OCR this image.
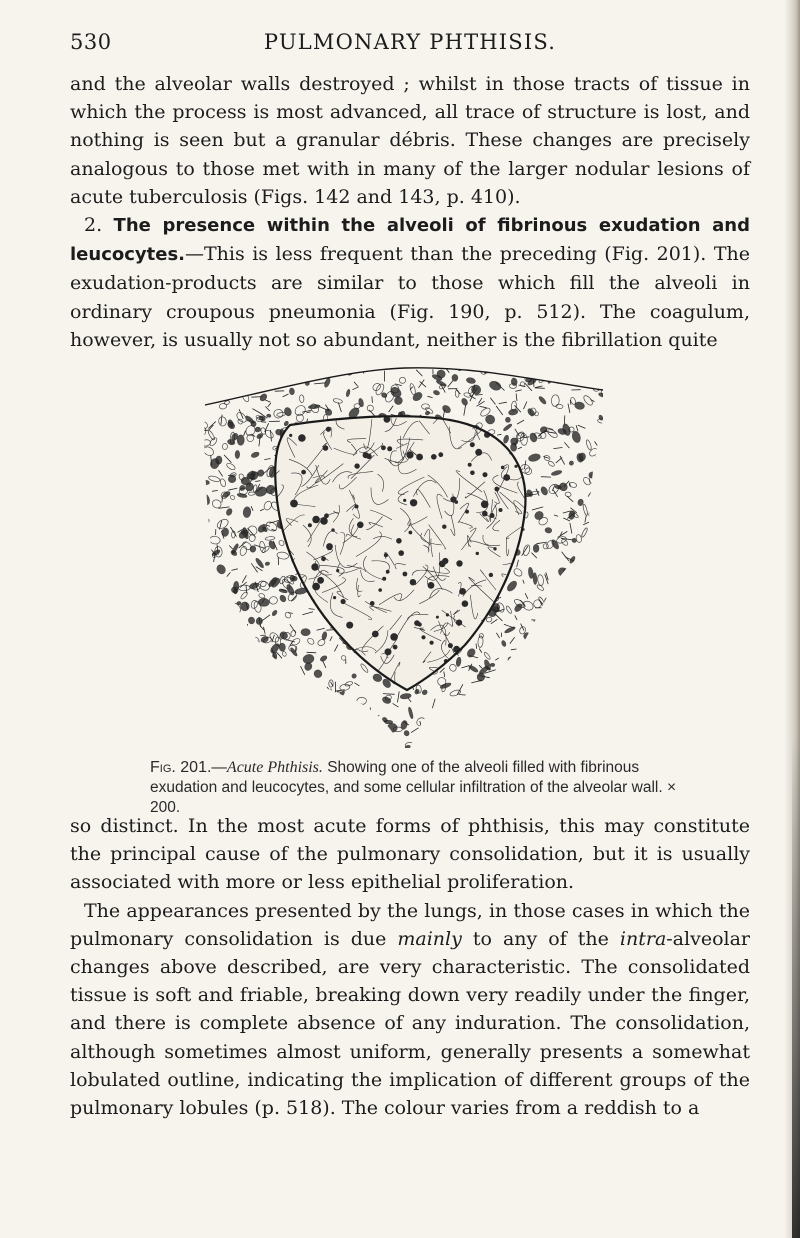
530	PULMONARY PHTHISIS.

and the alveolar walls destroyed ; whilst in those tracts of tissue in which the process is most advanced, all trace of structure is lost, and nothing is seen but a granular débris. These changes are precisely analogous to those met with in many of the larger nodular lesions of acute tuberculosis (Figs. 142 and 143, p. 410).

2. The presence within the alveoli of fibrinous exudation and leucocytes.—This is less frequent than the preceding (Fig. 201). The exudation-products are similar to those which fill the alveoli in ordinary croupous pneumonia (Fig. 190, p. 512). The coagulum, however, is usually not so abundant, neither is the fibrillation quite

Fig. 201.—Acute Phthisis. Showing one of the alveoli filled with fibrinous exudation and leucocytes, and some cellular infiltration of the alveolar wall. × 200.

so distinct. In the most acute forms of phthisis, this may constitute the principal cause of the pulmonary consolidation, but it is usually associated with more or less epithelial proliferation.

The appearances presented by the lungs, in those cases in which the pulmonary consolidation is due mainly to any of the intra-alveolar changes above described, are very characteristic. The consolidated tissue is soft and friable, breaking down very readily under the finger, and there is complete absence of any induration. The consolidation, although sometimes almost uniform, generally presents a somewhat lobulated outline, indicating the implication of different groups of the pulmonary lobules (p. 518). The colour varies from a reddish to a
